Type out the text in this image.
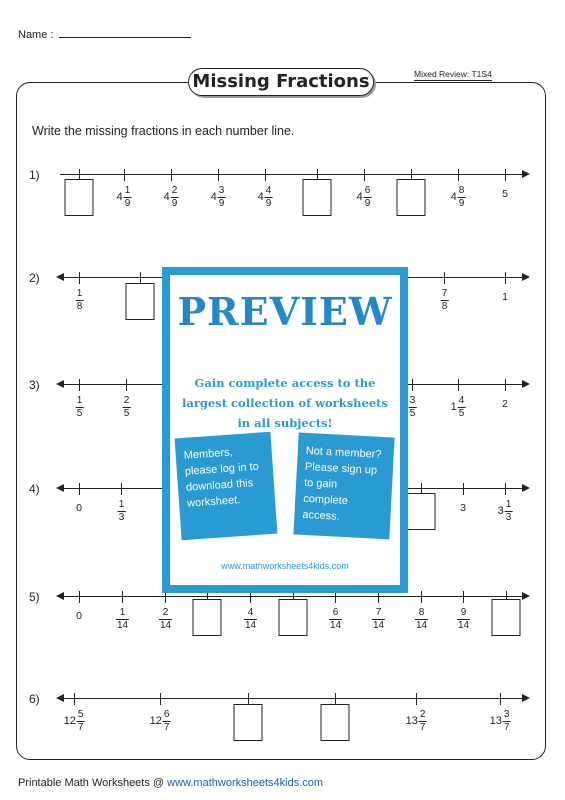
Name :
Missing Fractions	Mixed Review: T1S4
Write the missing fractions in each number line.
1)
$4 \frac{1}{9}$	$4 \frac{2}{9}$	$4 \frac{3}{9}$	$4 \frac{4}{9}$	$4 \frac{6}{9}$	$4 \frac{8}{9}$	5
2)
$\frac{1}{8}$	$\frac{7}{8}$	1
3)
$\frac{1}{5}$	$\frac{2}{5}$	$\frac{3}{5}$	$1 \frac{4}{5}$	2
4)
0	$\frac{1}{3}$	3	$3 \frac{1}{3}$
5)
0	$\frac{1}{14}$	$\frac{2}{14}$	$\frac{4}{14}$	$\frac{6}{14}$	$\frac{7}{14}$	$\frac{8}{14}$	$\frac{9}{14}$
6)
$12 \frac{5}{7}$	$12 \frac{6}{7}$	$13 \frac{2}{7}$	$13 \frac{3}{7}$
PREVIEW
Gain complete access to the largest collection of worksheets in all subjects!
Members, please log in to download this worksheet.
Not a member? Please sign up to gain complete access.
www.mathworksheets4kids.com
Printable Math Worksheets @ www.mathworksheets4kids.com
